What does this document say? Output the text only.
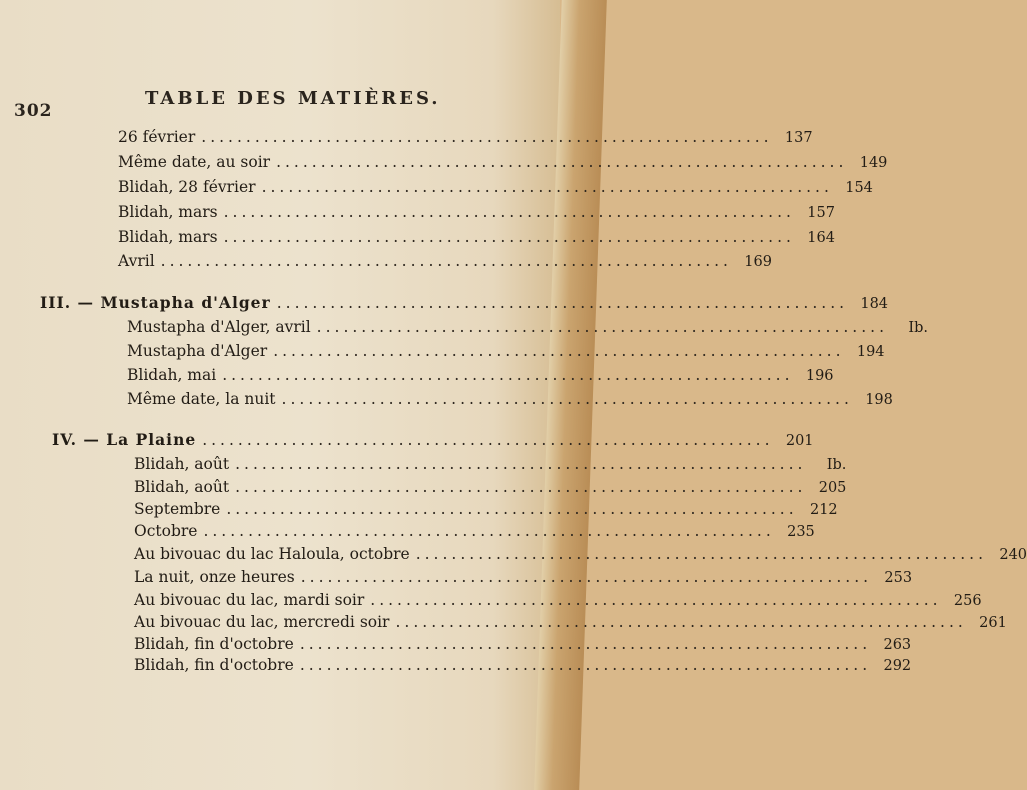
302
TABLE DES MATIÈRES.
26 février ................................................................ 137
Même date, au soir ................................................................ 149
Blidah, 28 février ................................................................ 154
Blidah, mars ................................................................ 157
Blidah, mars ................................................................ 164
Avril ................................................................ 169
III. — Mustapha d'Alger ................................................................ 184
Mustapha d'Alger, avril ................................................................	Ib.
Mustapha d'Alger ................................................................ 194
Blidah, mai ................................................................ 196
Même date, la nuit ................................................................ 198
IV. — La Plaine ................................................................ 201
Blidah, août ................................................................	Ib.
Blidah, août ................................................................ 205
Septembre ................................................................ 212
Octobre ................................................................ 235
Au bivouac du lac Haloula, octobre ................................................................ 240
La nuit, onze heures ................................................................ 253
Au bivouac du lac, mardi soir ................................................................ 256
Au bivouac du lac, mercredi soir ................................................................ 261
Blidah, fin d'octobre ................................................................ 263
Blidah, fin d'octobre ................................................................ 292
